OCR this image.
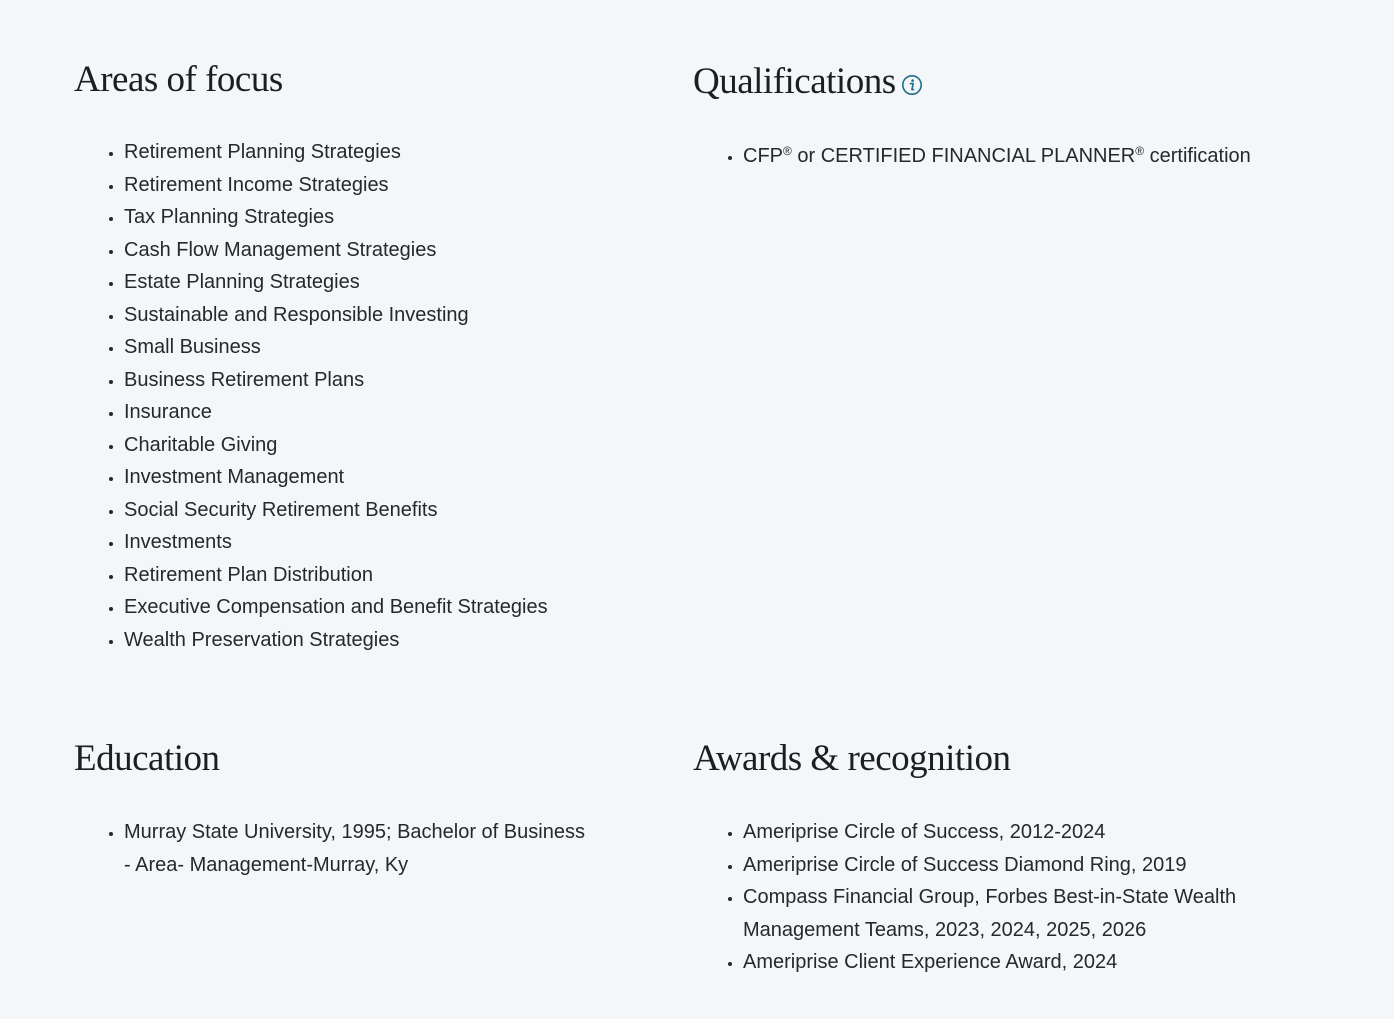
Areas of focus
• Retirement Planning Strategies
• Retirement Income Strategies
• Tax Planning Strategies
• Cash Flow Management Strategies
• Estate Planning Strategies
• Sustainable and Responsible Investing
• Small Business
• Business Retirement Plans
• Insurance
• Charitable Giving
• Investment Management
• Social Security Retirement Benefits
• Investments
• Retirement Plan Distribution
• Executive Compensation and Benefit Strategies
• Wealth Preservation Strategies
Qualifications
• CFP® or CERTIFIED FINANCIAL PLANNER® certification
Education
• Murray State University, 1995; Bachelor of Business - Area- Management-Murray, Ky
Awards & recognition
• Ameriprise Circle of Success, 2012-2024
• Ameriprise Circle of Success Diamond Ring, 2019
• Compass Financial Group, Forbes Best-in-State Wealth Management Teams, 2023, 2024, 2025, 2026
• Ameriprise Client Experience Award, 2024
